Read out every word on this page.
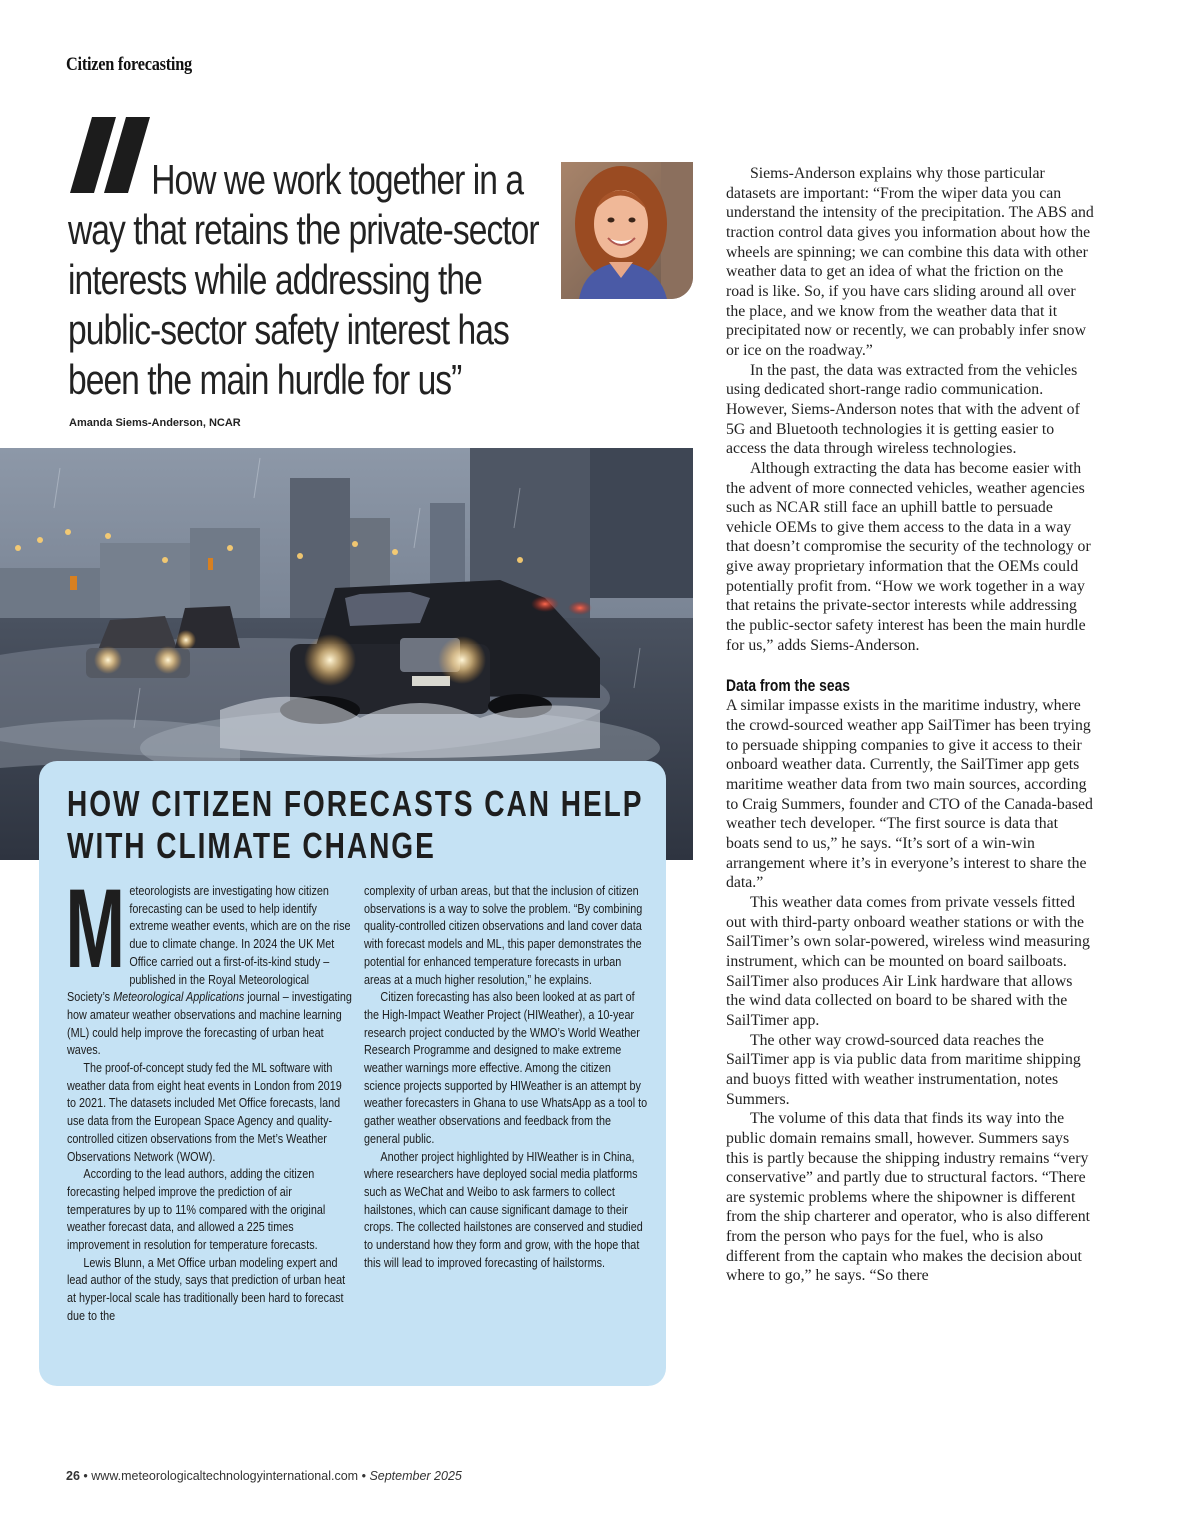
Citizen forecasting
How we work together in a
way that retains the private-sector
interests while addressing the
public-sector safety interest has
been the main hurdle for us”
Amanda Siems-Anderson, NCAR
HOW CITIZEN FORECASTS CAN HELP
WITH CLIMATE CHANGE

Meteorologists are investigating how citizen forecasting can be used to help identify extreme weather events, which are on the rise due to climate change. In 2024 the UK Met Office carried out a first-of-its-kind study – published in the Royal Meteorological Society’s Meteorological Applications journal – investigating how amateur weather observations and machine learning (ML) could help improve the forecasting of urban heat waves.

The proof-of-concept study fed the ML software with weather data from eight heat events in London from 2019 to 2021. The datasets included Met Office forecasts, land use data from the European Space Agency and quality-controlled citizen observations from the Met’s Weather Observations Network (WOW).

According to the lead authors, adding the citizen forecasting helped improve the prediction of air temperatures by up to 11% compared with the original weather forecast data, and allowed a 225 times improvement in resolution for temperature forecasts.

Lewis Blunn, a Met Office urban modeling expert and lead author of the study, says that prediction of urban heat at hyper-local scale has traditionally been hard to forecast due to the

complexity of urban areas, but that the inclusion of citizen observations is a way to solve the problem. “By combining quality-controlled citizen observations and land cover data with forecast models and ML, this paper demonstrates the potential for enhanced temperature forecasts in urban areas at a much higher resolution,” he explains.

Citizen forecasting has also been looked at as part of the High-Impact Weather Project (HIWeather), a 10-year research project conducted by the WMO’s World Weather Research Programme and designed to make extreme weather warnings more effective. Among the citizen science projects supported by HIWeather is an attempt by weather forecasters in Ghana to use WhatsApp as a tool to gather weather observations and feedback from the general public.

Another project highlighted by HIWeather is in China, where researchers have deployed social media platforms such as WeChat and Weibo to ask farmers to collect hailstones, which can cause significant damage to their crops. The collected hailstones are conserved and studied to understand how they form and grow, with the hope that this will lead to improved forecasting of hailstorms.

Siems-Anderson explains why those particular datasets are important: “From the wiper data you can understand the intensity of the precipitation. The ABS and traction control data gives you information about how the wheels are spinning; we can combine this data with other weather data to get an idea of what the friction on the road is like. So, if you have cars sliding around all over the place, and we know from the weather data that it precipitated now or recently, we can probably infer snow or ice on the roadway.”

In the past, the data was extracted from the vehicles using dedicated short-range radio communication. However, Siems-Anderson notes that with the advent of 5G and Bluetooth technologies it is getting easier to access the data through wireless technologies.

Although extracting the data has become easier with the advent of more connected vehicles, weather agencies such as NCAR still face an uphill battle to persuade vehicle OEMs to give them access to the data in a way that doesn’t compromise the security of the technology or give away proprietary information that the OEMs could potentially profit from. “How we work together in a way that retains the private-sector interests while addressing the public-sector safety interest has been the main hurdle for us,” adds Siems-Anderson.

Data from the seas

A similar impasse exists in the maritime industry, where the crowd-sourced weather app SailTimer has been trying to persuade shipping companies to give it access to their onboard weather data. Currently, the SailTimer app gets maritime weather data from two main sources, according to Craig Summers, founder and CTO of the Canada-based weather tech developer. “The first source is data that boats send to us,” he says. “It’s sort of a win-win arrangement where it’s in everyone’s interest to share the data.”

This weather data comes from private vessels fitted out with third-party onboard weather stations or with the SailTimer’s own solar-powered, wireless wind measuring instrument, which can be mounted on board sailboats. SailTimer also produces Air Link hardware that allows the wind data collected on board to be shared with the SailTimer app.

The other way crowd-sourced data reaches the SailTimer app is via public data from maritime shipping and buoys fitted with weather instrumentation, notes Summers.

The volume of this data that finds its way into the public domain remains small, however. Summers says this is partly because the shipping industry remains “very conservative” and partly due to structural factors. “There are systemic problems where the shipowner is different from the ship charterer and operator, who is also different from the person who pays for the fuel, who is also different from the captain who makes the decision about where to go,” he says. “So there

26 • www.meteorologicaltechnologyinternational.com • September 2025
